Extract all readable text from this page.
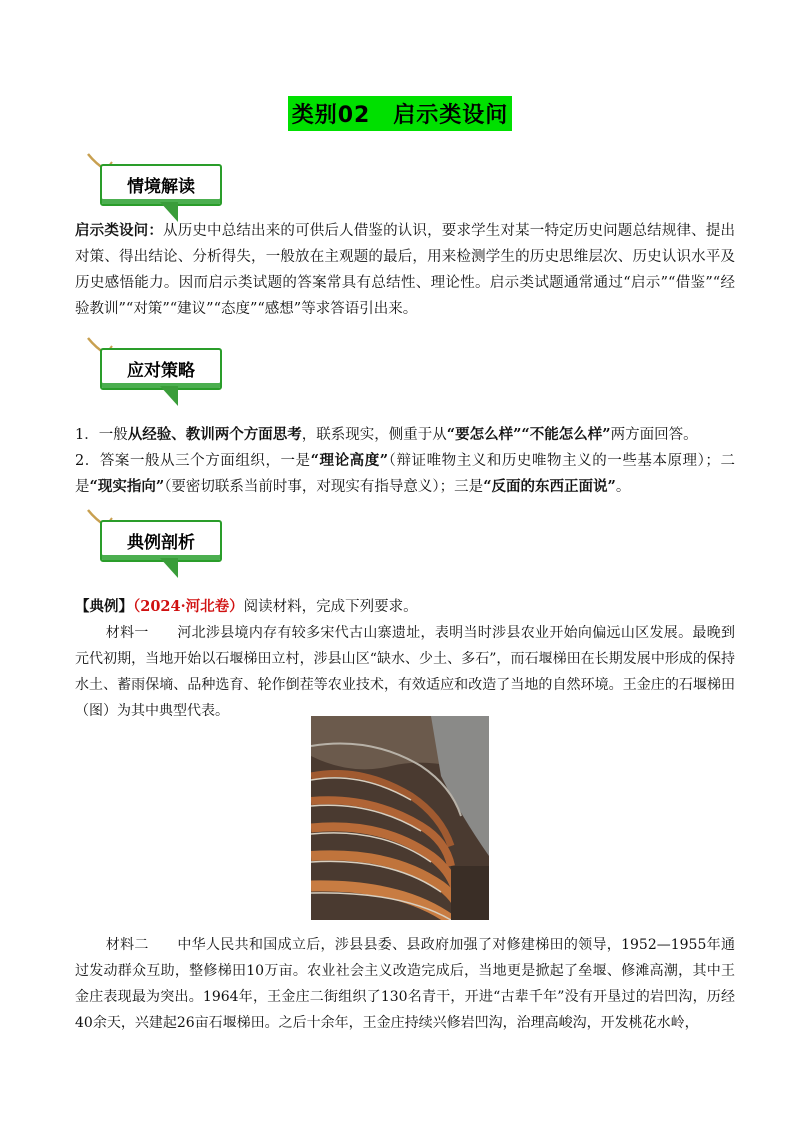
类别02　启示类设问
情境解读

启示类设问：从历史中总结出来的可供后人借鉴的认识，要求学生对某一特定历史问题总结规律、提出对策、得出结论、分析得失，一般放在主观题的最后，用来检测学生的历史思维层次、历史认识水平及历史感悟能力。因而启示类试题的答案常具有总结性、理论性。启示类试题通常通过“启示”“借鉴”“经验教训”“对策”“建议”“态度”“感想”等求答语引出来。

应对策略

1．一般从经验、教训两个方面思考，联系现实，侧重于从“要怎么样”“不能怎么样”两方面回答。

2．答案一般从三个方面组织，一是“理论高度”（辩证唯物主义和历史唯物主义的一些基本原理）；二是“现实指向”（要密切联系当前时事，对现实有指导意义）；三是“反面的东西正面说”。

典例剖析

【典例】（2024·河北卷）阅读材料，完成下列要求。

材料一　　河北涉县境内存有较多宋代古山寨遗址，表明当时涉县农业开始向偏远山区发展。最晚到元代初期，当地开始以石堰梯田立村，涉县山区“缺水、少土、多石”，而石堰梯田在长期发展中形成的保持水土、蓄雨保墒、品种选育、轮作倒茬等农业技术，有效适应和改造了当地的自然环境。王金庄的石堰梯田（图）为其中典型代表。

材料二　　中华人民共和国成立后，涉县县委、县政府加强了对修建梯田的领导，1952—1955年通过发动群众互助，整修梯田10万亩。农业社会主义改造完成后，当地更是掀起了垒堰、修滩高潮，其中王金庄表现最为突出。1964年，王金庄二街组织了130名青干，开进“古辈千年”没有开垦过的岩凹沟，历经40余天，兴建起26亩石堰梯田。之后十余年，王金庄持续兴修岩凹沟，治理高峻沟，开发桃花水岭，
